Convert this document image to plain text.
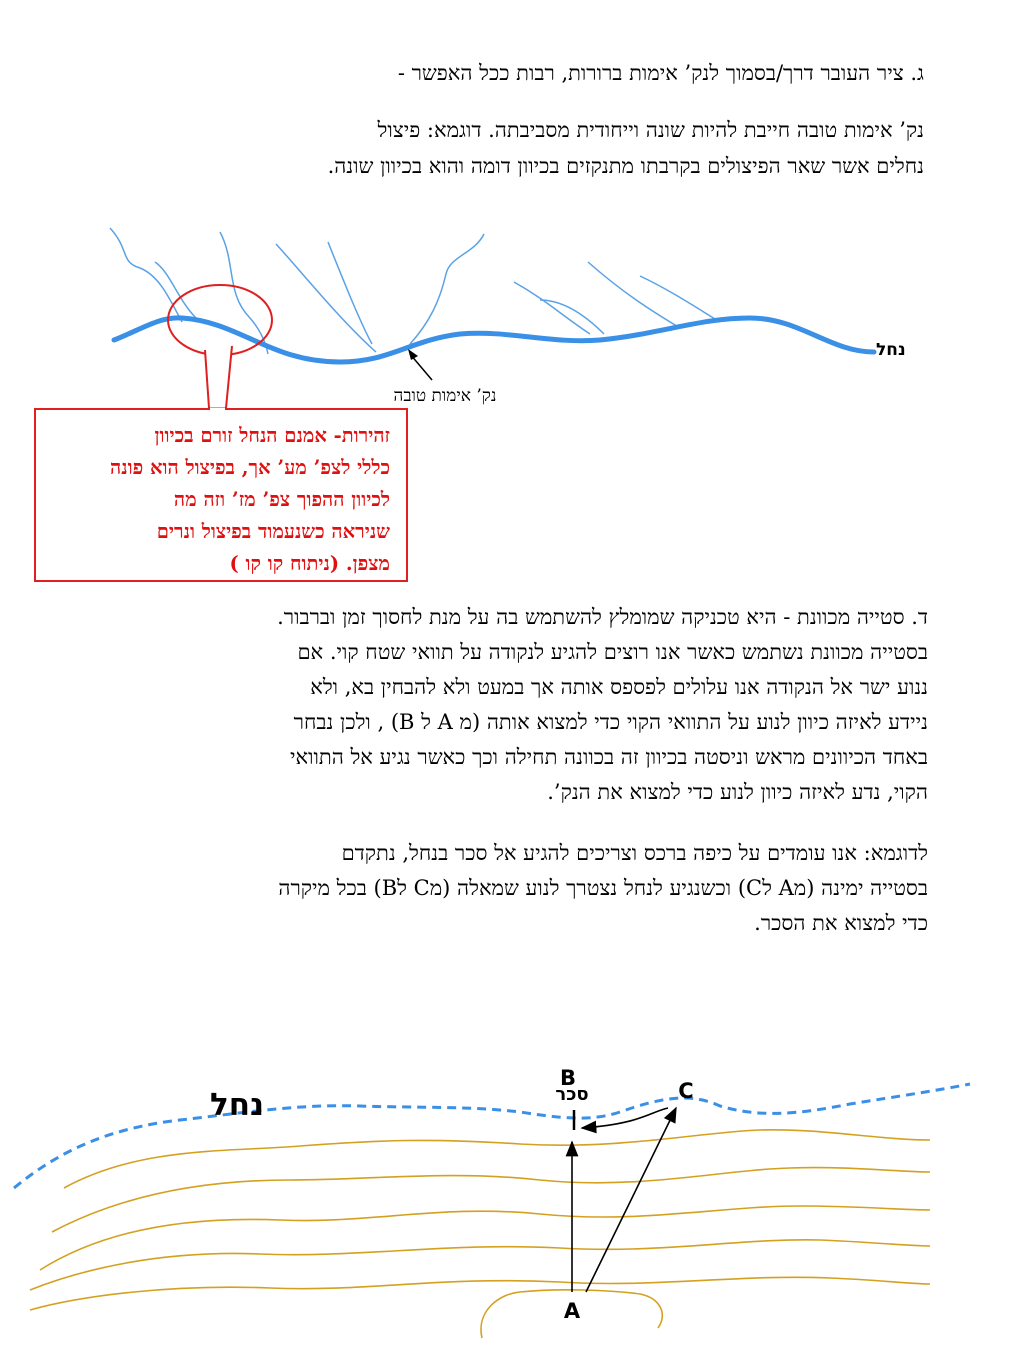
ג. ציר העובר דרך/בסמוך לנק’ אימות ברורות, רבות ככל האפשר -
נק’ אימות טובה חייבת להיות שונה וייחודית מסביבתה. דוגמא: פיצול
נחלים אשר שאר הפיצולים בקרבתו מתנקזים בכיוון דומה והוא בכיוון שונה.
זהירות- אמנם הנחל זורם בכיוון
כללי לצפ’ מע’ אך, בפיצול הוא פונה
לכיוון ההפוך צפ’ מז’ וזה מה
שניראה כשנעמוד בפיצול ונרים
מצפן. (ניתוח קו קו )
נק’ אימות טובה
נחל
ד. סטייה מכוונת - היא טכניקה שמומלץ להשתמש בה על מנת לחסוך זמן וברבור.
בסטייה מכוונת נשתמש כאשר אנו רוצים להגיע לנקודה על תוואי שטח קוי. אם
ננוע ישר אל הנקודה אנו עלולים לפספס אותה אך במעט ולא להבחין בא, ולא
ניידע לאיזה כיוון לנוע על התוואי הקוי כדי למצוא אותה (מ A ל B) , ולכן נבחר
באחד הכיוונים מראש וניסטה בכיוון זה בכוונה תחילה וכך כאשר נגיע אל התוואי
הקוי, נדע לאיזה כיוון לנוע כדי למצוא את הנק’.
לדוגמא: אנו עומדים על כיפה ברכס וצריכים להגיע אל סכר בנחל, נתקדם
בסטייה ימינה (מA לC) וכשנגיע לנחל נצטרך לנוע שמאלה (מC לB) בכל מיקרה
כדי למצוא את הסכר.
נחל	סכר
B
C
A
